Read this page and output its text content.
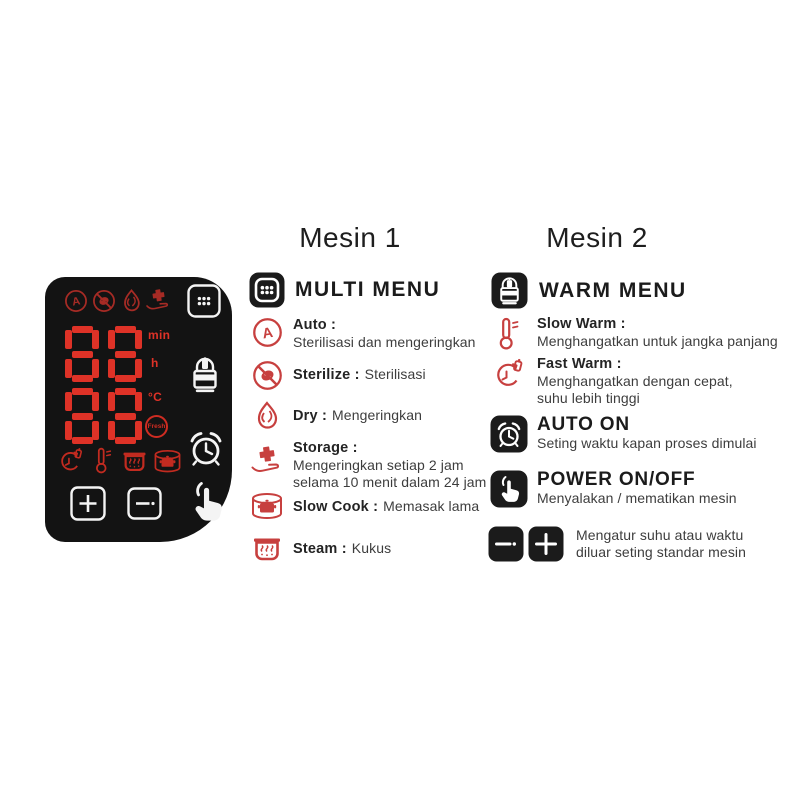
Mesin 1	Mesin 2
A
min
h
°C
Fresh
MULTI MENU
A Auto :
Sterilisasi dan mengeringkan
Sterilize : Sterilisasi
Dry : Mengeringkan
Storage :
Mengeringkan setiap 2 jam
selama 10 menit dalam 24 jam
Slow Cook : Memasak lama
Steam : Kukus
WARM MENU
Slow Warm :
Menghangatkan untuk jangka panjang
Fast Warm :
Menghangatkan dengan cepat,
suhu lebih tinggi
AUTO ON
Seting waktu kapan proses dimulai
POWER ON/OFF
Menyalakan / mematikan mesin
Mengatur suhu atau waktu
diluar seting standar mesin
